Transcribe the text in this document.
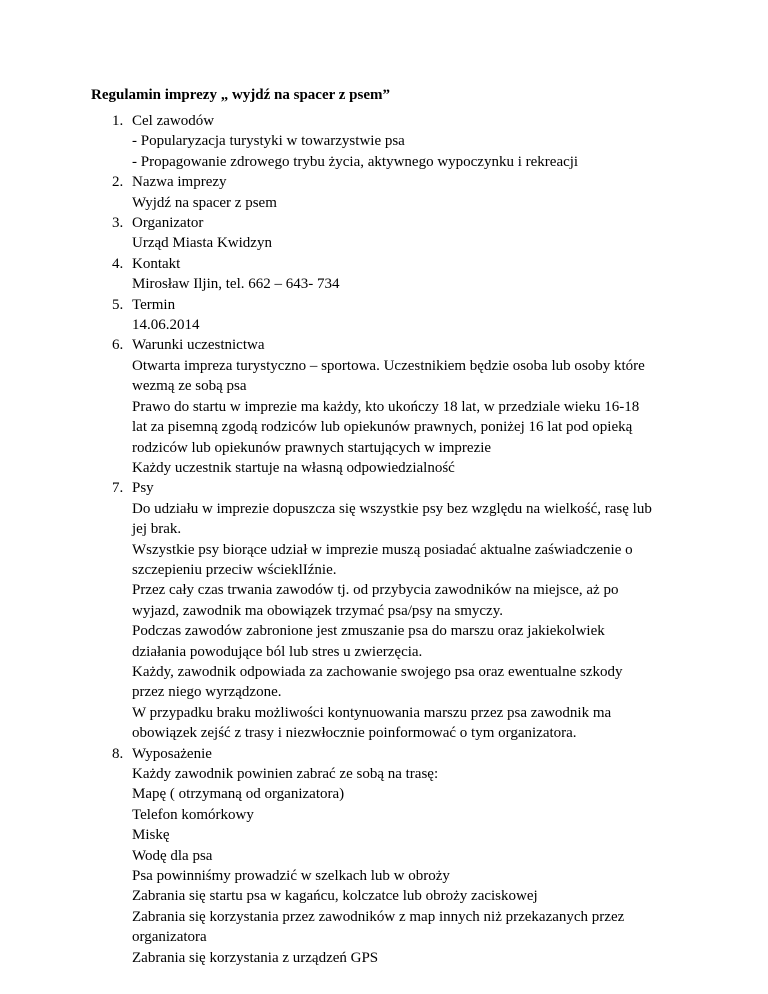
Regulamin imprezy „ wyjdź na spacer z psem”
1. Cel zawodów
- Popularyzacja turystyki w towarzystwie psa
- Propagowanie zdrowego trybu życia, aktywnego wypoczynku i rekreacji
2. Nazwa imprezy
Wyjdź na spacer z psem
3. Organizator
Urząd Miasta Kwidzyn
4. Kontakt
Mirosław Iljin, tel. 662 – 643- 734
5. Termin
14.06.2014
6. Warunki uczestnictwa
Otwarta impreza turystyczno – sportowa. Uczestnikiem będzie osoba lub osoby które
wezmą ze sobą psa
Prawo do startu w imprezie ma każdy, kto ukończy 18 lat, w przedziale wieku 16-18
lat za pisemną zgodą rodziców lub opiekunów prawnych, poniżej 16 lat pod opieką
rodziców lub opiekunów prawnych startujących w imprezie
Każdy uczestnik startuje na własną odpowiedzialność
7. Psy
Do udziału w imprezie dopuszcza się wszystkie psy bez względu na wielkość, rasę lub
jej brak.
Wszystkie psy biorące udział w imprezie muszą posiadać aktualne zaświadczenie o
szczepieniu przeciw wścieklIźnie.
Przez cały czas trwania zawodów tj. od przybycia zawodników na miejsce, aż po
wyjazd, zawodnik ma obowiązek trzymać psa/psy na smyczy.
Podczas zawodów zabronione jest zmuszanie psa do marszu oraz jakiekolwiek
działania powodujące ból lub stres u zwierzęcia.
Każdy, zawodnik odpowiada za zachowanie swojego psa oraz ewentualne szkody
przez niego wyrządzone.
W przypadku braku możliwości kontynuowania marszu przez psa zawodnik ma
obowiązek zejść z trasy i niezwłocznie poinformować o tym organizatora.
8. Wyposażenie
Każdy zawodnik powinien zabrać ze sobą na trasę:
Mapę ( otrzymaną od organizatora)
Telefon komórkowy
Miskę
Wodę dla psa
Psa powinniśmy prowadzić w szelkach lub w obroży
Zabrania się startu psa w kagańcu, kolczatce lub obroży zaciskowej
Zabrania się korzystania przez zawodników z map innych niż przekazanych przez
organizatora
Zabrania się korzystania z urządzeń GPS
